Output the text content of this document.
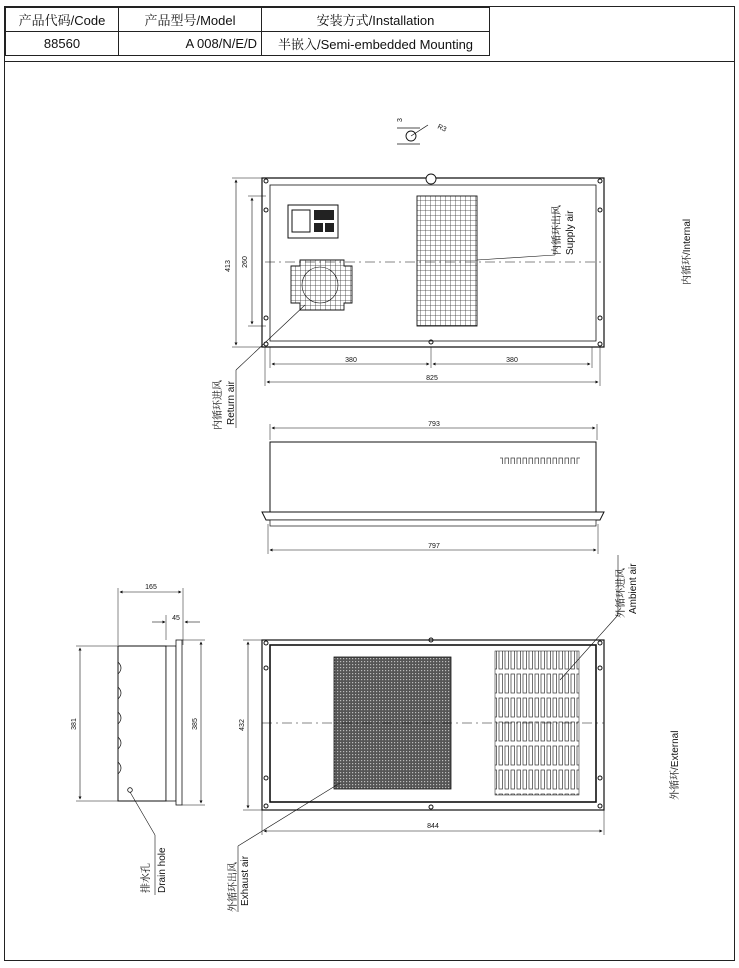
产品代码/Code	产品型号/Model	安装方式/Installation
88560	A 008/N/E/D	半嵌入/Semi-embedded Mounting
3
R3
413 260
380	380
825
内循环出风 Supply air
内循环进风 Return air
内循环/Internal
793
797
165
45
381	385
排水孔 Drain hole
432
844
外循环进风 Ambient air
外循环出风 Exhaust air
外循环/External
